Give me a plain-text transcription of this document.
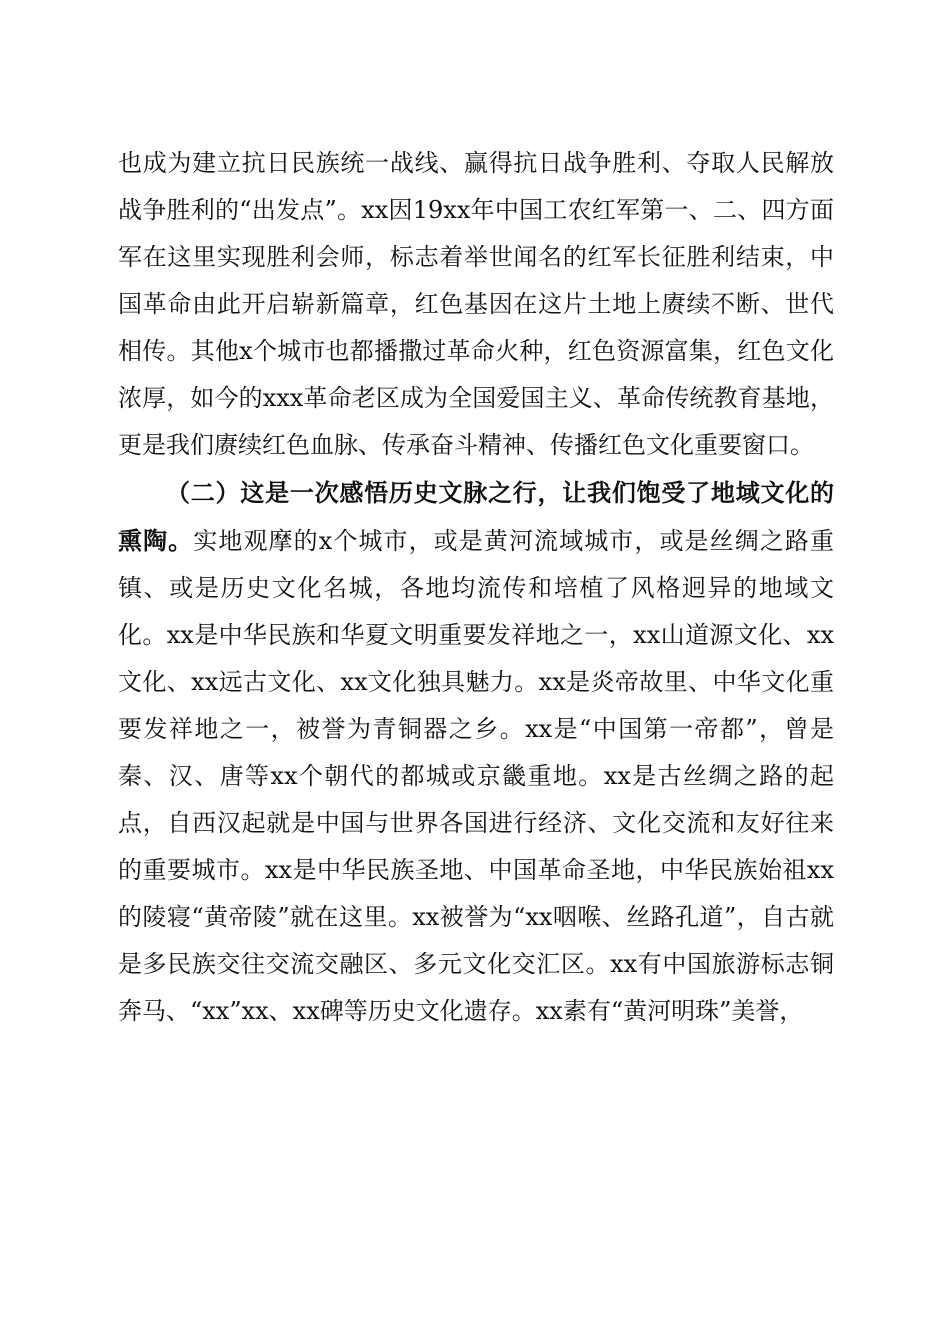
也成为建立抗日民族统一战线、赢得抗日战争胜利、夺取人民解放战争胜利的“出发点”。xx因19xx年中国工农红军第一、二、四方面军在这里实现胜利会师，标志着举世闻名的红军长征胜利结束，中国革命由此开启崭新篇章，红色基因在这片土地上赓续不断、世代相传。其他x个城市也都播撒过革命火种，红色资源富集，红色文化浓厚，如今的xxx革命老区成为全国爱国主义、革命传统教育基地，更是我们赓续红色血脉、传承奋斗精神、传播红色文化重要窗口。

（二）这是一次感悟历史文脉之行，让我们饱受了地域文化的熏陶。实地观摩的x个城市，或是黄河流域城市，或是丝绸之路重镇、或是历史文化名城，各地均流传和培植了风格迥异的地域文化。xx是中华民族和华夏文明重要发祥地之一，xx山道源文化、xx文化、xx远古文化、xx文化独具魅力。xx是炎帝故里、中华文化重要发祥地之一，被誉为青铜器之乡。xx是“中国第一帝都”，曾是秦、汉、唐等xx个朝代的都城或京畿重地。xx是古丝绸之路的起点，自西汉起就是中国与世界各国进行经济、文化交流和友好往来的重要城市。xx是中华民族圣地、中国革命圣地，中华民族始祖xx的陵寝“黄帝陵”就在这里。xx被誉为“xx咽喉、丝路孔道”，自古就是多民族交往交流交融区、多元文化交汇区。xx有中国旅游标志铜奔马、“xx”xx、xx碑等历史文化遗存。xx素有“黄河明珠”美誉，
